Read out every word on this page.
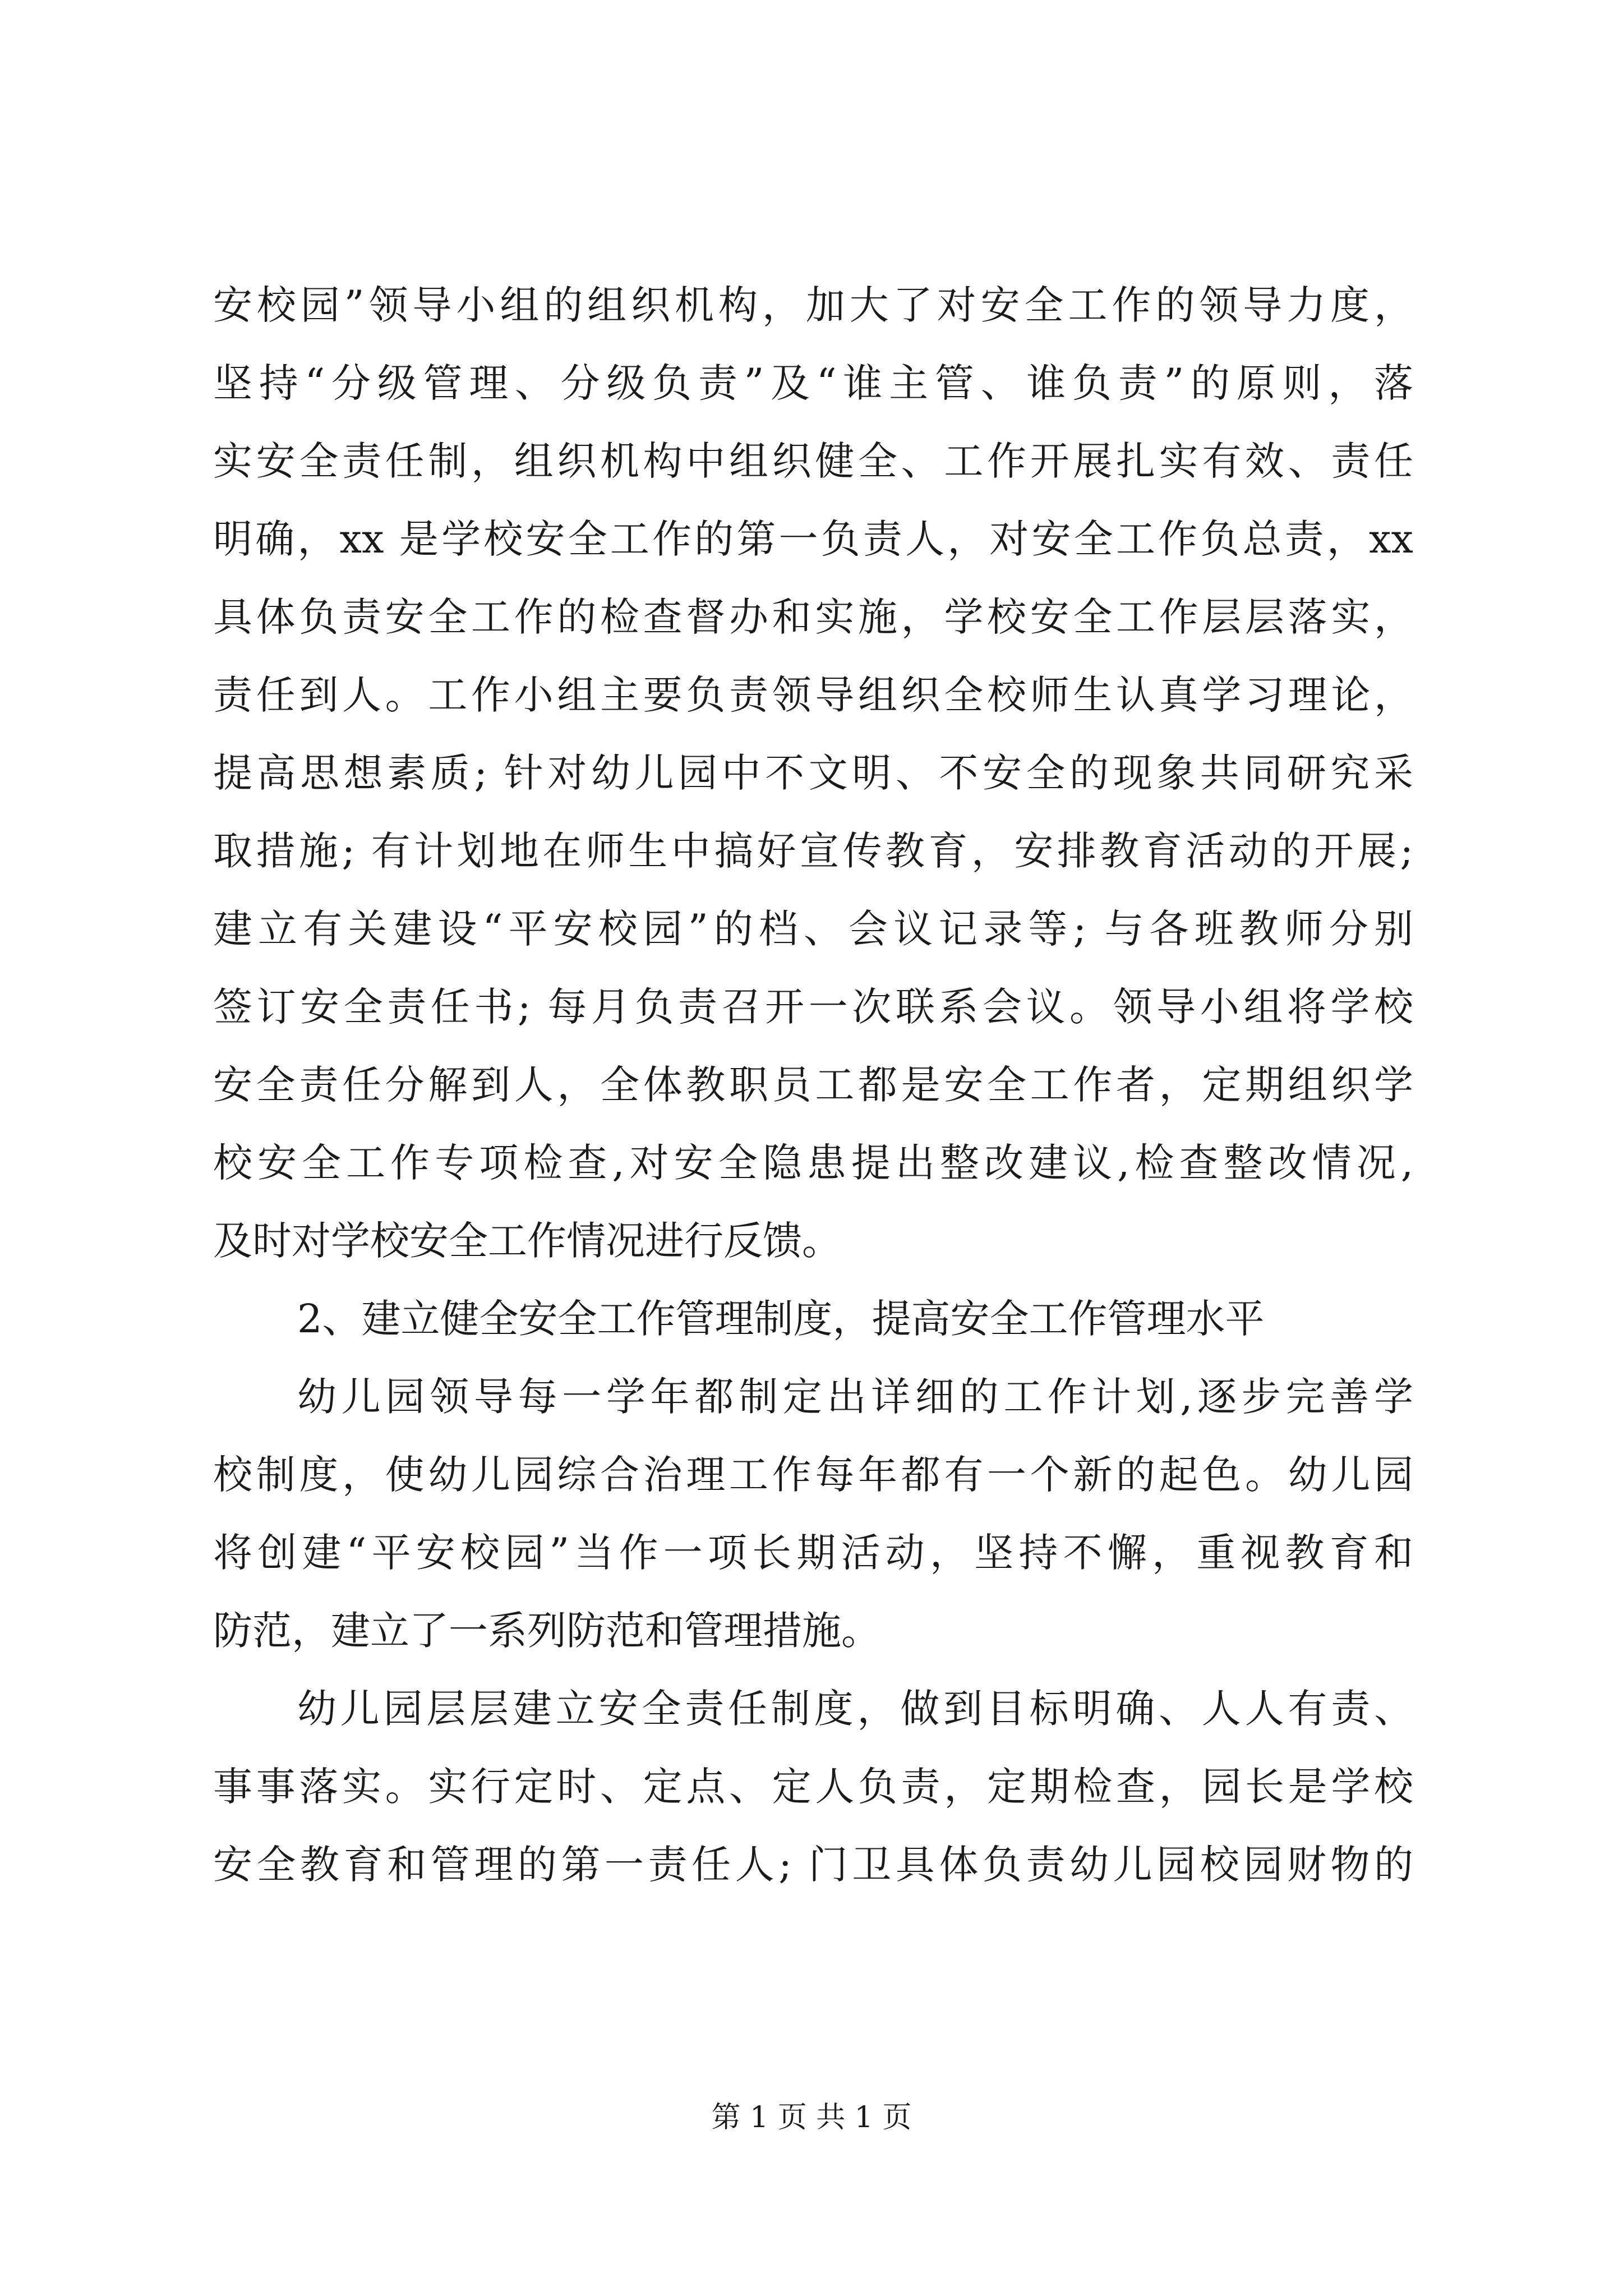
安校园”领导小组的组织机构，加大了对安全工作的领导力度，
坚持“分级管理、分级负责”及“谁主管、谁负责”的原则，落
实安全责任制，组织机构中组织健全、工作开展扎实有效、责任
明确，xx 是学校安全工作的第一负责人，对安全工作负总责，xx
具体负责安全工作的检查督办和实施，学校安全工作层层落实，
责任到人。工作小组主要负责领导组织全校师生认真学习理论，
提高思想素质; 针对幼儿园中不文明、不安全的现象共同研究采
取措施; 有计划地在师生中搞好宣传教育，安排教育活动的开展;
建立有关建设“平安校园”的档、会议记录等; 与各班教师分别
签订安全责任书; 每月负责召开一次联系会议。领导小组将学校
安全责任分解到人，全体教职员工都是安全工作者，定期组织学
校安全工作专项检查,对安全隐患提出整改建议,检查整改情况,
及时对学校安全工作情况进行反馈。
2、建立健全安全工作管理制度，提高安全工作管理水平
幼儿园领导每一学年都制定出详细的工作计划,逐步完善学
校制度，使幼儿园综合治理工作每年都有一个新的起色。幼儿园
将创建“平安校园”当作一项长期活动，坚持不懈，重视教育和
防范，建立了一系列防范和管理措施。
幼儿园层层建立安全责任制度，做到目标明确、人人有责、
事事落实。实行定时、定点、定人负责，定期检查，园长是学校
安全教育和管理的第一责任人; 门卫具体负责幼儿园校园财物的
第 1 页 共 1 页
